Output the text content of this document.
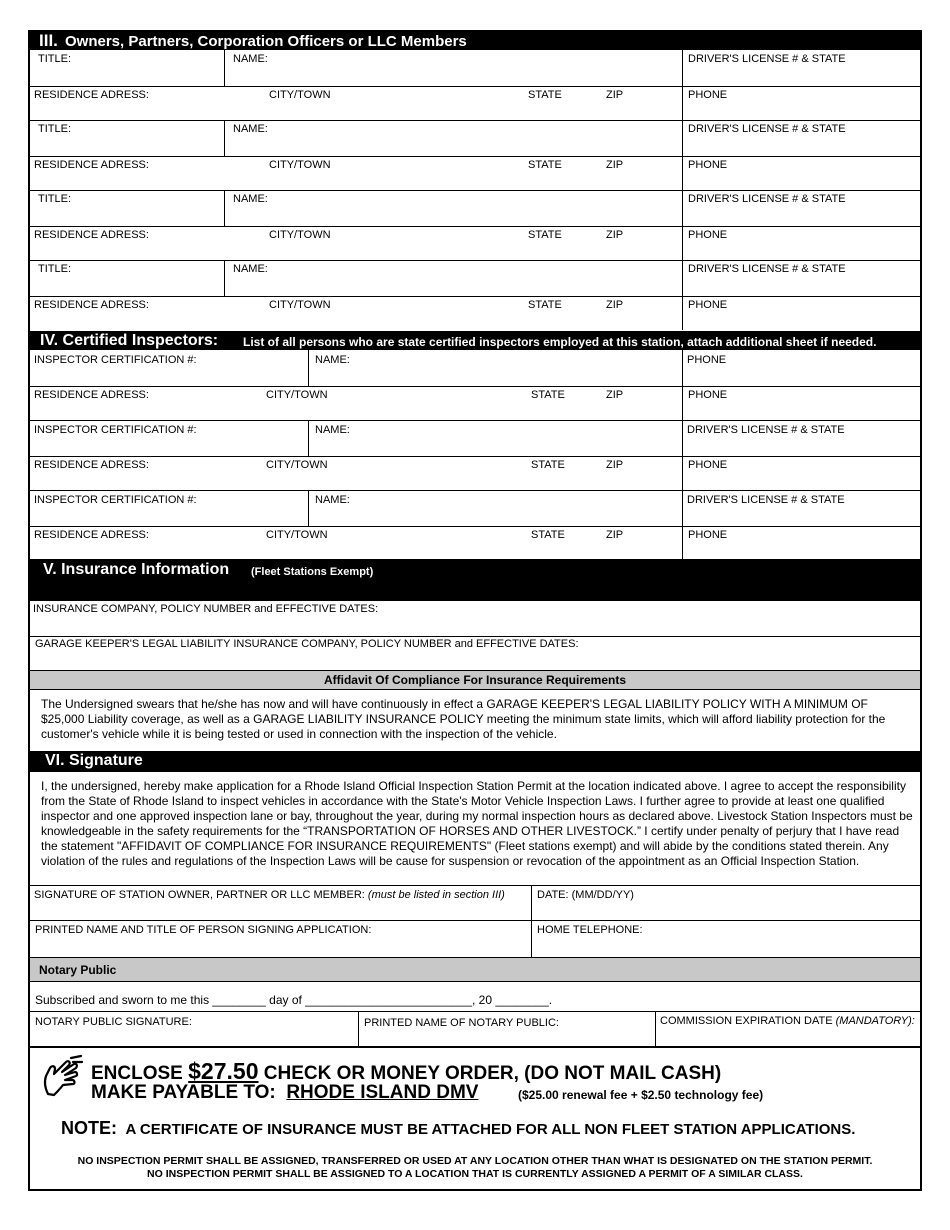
III. Owners, Partners, Corporation Officers or LLC Members
TITLE:	NAME:	DRIVER'S LICENSE # & STATE
RESIDENCE ADRESS:	CITY/TOWN	STATE	ZIP	PHONE
TITLE:	NAME:	DRIVER'S LICENSE # & STATE
RESIDENCE ADRESS:	CITY/TOWN	STATE	ZIP	PHONE
TITLE:	NAME:	DRIVER'S LICENSE # & STATE
RESIDENCE ADRESS:	CITY/TOWN	STATE	ZIP	PHONE
TITLE:	NAME:	DRIVER'S LICENSE # & STATE
RESIDENCE ADRESS:	CITY/TOWN	STATE	ZIP	PHONE
IV. Certified Inspectors: List of all persons who are state certified inspectors employed at this station, attach additional sheet if needed.
INSPECTOR CERTIFICATION #:	NAME:	PHONE
RESIDENCE ADRESS:	CITY/TOWN	STATE	ZIP	PHONE
INSPECTOR CERTIFICATION #:	NAME:	DRIVER'S LICENSE # & STATE
RESIDENCE ADRESS:	CITY/TOWN	STATE	ZIP	PHONE
INSPECTOR CERTIFICATION #:	NAME:	DRIVER'S LICENSE # & STATE
RESIDENCE ADRESS:	CITY/TOWN	STATE	ZIP	PHONE
V. Insurance Information (Fleet Stations Exempt)
INSURANCE COMPANY, POLICY NUMBER and EFFECTIVE DATES:
GARAGE KEEPER'S LEGAL LIABILITY INSURANCE COMPANY, POLICY NUMBER and EFFECTIVE DATES:
Affidavit Of Compliance For Insurance Requirements
The Undersigned swears that he/she has now and will have continuously in effect a GARAGE KEEPER'S LEGAL LIABILITY POLICY WITH A MINIMUM OF $25,000 Liability coverage, as well as a GARAGE LIABILITY INSURANCE POLICY meeting the minimum state limits, which will afford liability protection for the customer's vehicle while it is being tested or used in connection with the inspection of the vehicle.
VI. Signature
I, the undersigned, hereby make application for a Rhode Island Official Inspection Station Permit at the location indicated above. I agree to accept the responsibility from the State of Rhode Island to inspect vehicles in accordance with the State's Motor Vehicle Inspection Laws. I further agree to provide at least one qualified inspector and one approved inspection lane or bay, throughout the year, during my normal inspection hours as declared above. Livestock Station Inspectors must be knowledgeable in the safety requirements for the “TRANSPORTATION OF HORSES AND OTHER LIVESTOCK.” I certify under penalty of perjury that I have read the statement "AFFIDAVIT OF COMPLIANCE FOR INSURANCE REQUIREMENTS" (Fleet stations exempt) and will abide by the conditions stated therein. Any violation of the rules and regulations of the Inspection Laws will be cause for suspension or revocation of the appointment as an Official Inspection Station.
SIGNATURE OF STATION OWNER, PARTNER OR LLC MEMBER: (must be listed in section III)	DATE: (MM/DD/YY)
PRINTED NAME AND TITLE OF PERSON SIGNING APPLICATION:	HOME TELEPHONE:
Notary Public
Subscribed and sworn to me this ________ day of _________________________, 20 ________.
NOTARY PUBLIC SIGNATURE:	PRINTED NAME OF NOTARY PUBLIC:	COMMISSION EXPIRATION DATE (MANDATORY):
ENCLOSE $27.50 CHECK OR MONEY ORDER, (DO NOT MAIL CASH)
MAKE PAYABLE TO: RHODE ISLAND DMV	($25.00 renewal fee + $2.50 technology fee)
NOTE: A CERTIFICATE OF INSURANCE MUST BE ATTACHED FOR ALL NON FLEET STATION APPLICATIONS.
NO INSPECTION PERMIT SHALL BE ASSIGNED, TRANSFERRED OR USED AT ANY LOCATION OTHER THAN WHAT IS DESIGNATED ON THE STATION PERMIT.
NO INSPECTION PERMIT SHALL BE ASSIGNED TO A LOCATION THAT IS CURRENTLY ASSIGNED A PERMIT OF A SIMILAR CLASS.
